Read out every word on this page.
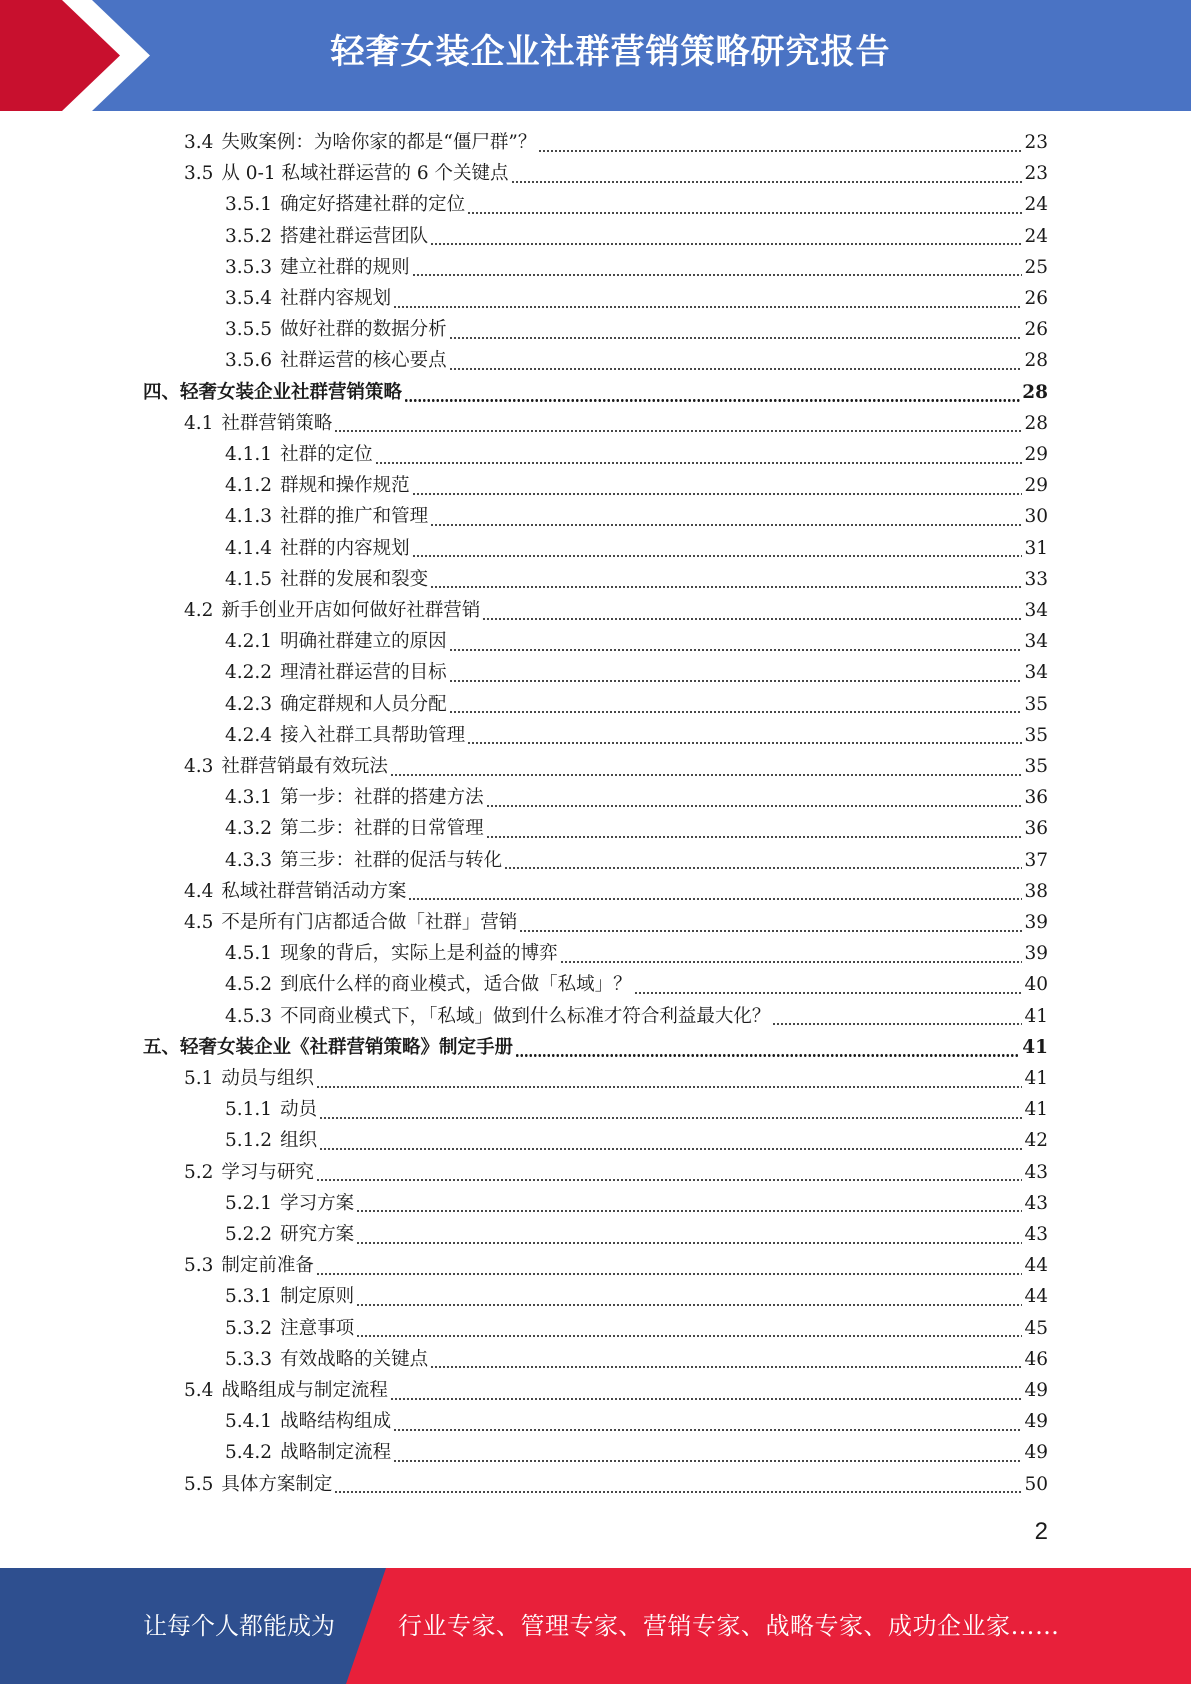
轻奢女装企业社群营销策略研究报告
3.4 失败案例：为啥你家的都是“僵尸群”？	23
3.5 从 0-1 私域社群运营的 6 个关键点	23
3.5.1 确定好搭建社群的定位	24
3.5.2 搭建社群运营团队	24
3.5.3 建立社群的规则	25
3.5.4 社群内容规划	26
3.5.5 做好社群的数据分析	26
3.5.6 社群运营的核心要点	28
四、 轻奢女装企业社群营销策略	28
4.1 社群营销策略	28
4.1.1 社群的定位	29
4.1.2 群规和操作规范	29
4.1.3 社群的推广和管理	30
4.1.4 社群的内容规划	31
4.1.5 社群的发展和裂变	33
4.2 新手创业开店如何做好社群营销	34
4.2.1 明确社群建立的原因	34
4.2.2 理清社群运营的目标	34
4.2.3 确定群规和人员分配	35
4.2.4 接入社群工具帮助管理	35
4.3 社群营销最有效玩法	35
4.3.1 第一步：社群的搭建方法	36
4.3.2 第二步：社群的日常管理	36
4.3.3 第三步：社群的促活与转化	37
4.4 私域社群营销活动方案	38
4.5 不是所有门店都适合做「社群」营销	39
4.5.1 现象的背后，实际上是利益的博弈	39
4.5.2 到底什么样的商业模式，适合做「私域」？	40
4.5.3 不同商业模式下，「私域」做到什么标准才符合利益最大化？	41
五、 轻奢女装企业《社群营销策略》制定手册	41
5.1 动员与组织	41
5.1.1 动员	41
5.1.2 组织	42
5.2 学习与研究	43
5.2.1 学习方案	43
5.2.2 研究方案	43
5.3 制定前准备	44
5.3.1 制定原则	44
5.3.2 注意事项	45
5.3.3 有效战略的关键点	46
5.4 战略组成与制定流程	49
5.4.1 战略结构组成	49
5.4.2 战略制定流程	49
5.5 具体方案制定	50
2
让每个人都能成为	行业专家、管理专家、营销专家、战略专家、成功企业家……
